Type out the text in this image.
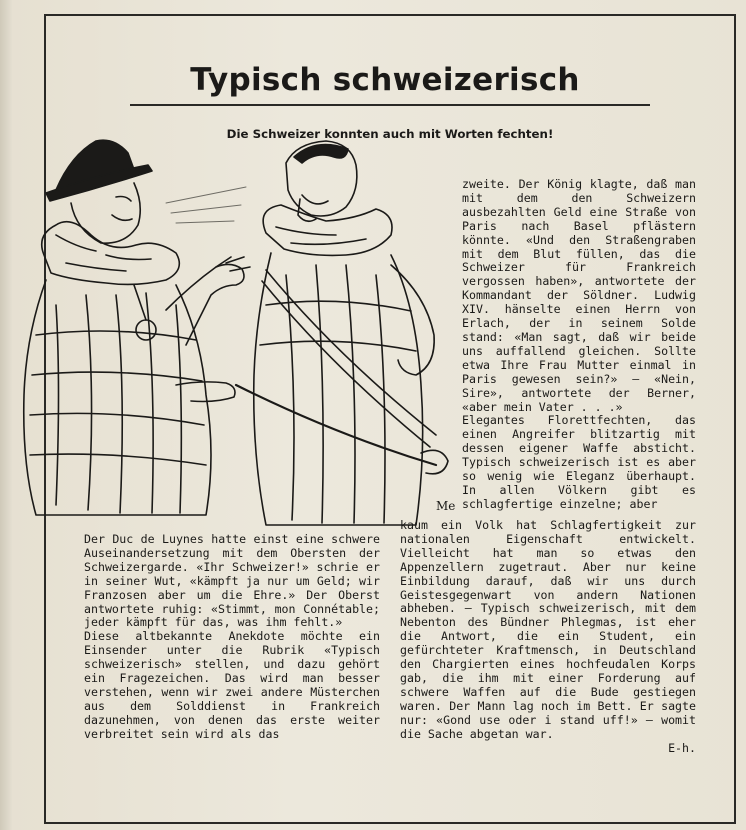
Typisch schweizerisch

Die Schweizer konnten auch mit Worten fechten!

Me

zweite. Der König klagte, daß man mit dem den Schweizern ausbezahlten Geld eine Straße von Paris nach Basel pflästern könnte. «Und den Straßengraben mit dem Blut füllen, das die Schweizer für Frankreich vergossen haben», antwortete der Kommandant der Söldner. Ludwig XIV. hänselte einen Herrn von Erlach, der in seinem Solde stand: «Man sagt, daß wir beide uns auffallend gleichen. Sollte etwa Ihre Frau Mutter einmal in Paris gewesen sein?» — «Nein, Sire», antwortete der Berner, «aber mein Vater . . .»

Elegantes Florettfechten, das einen Angreifer blitzartig mit dessen eigener Waffe absticht. Typisch schweizerisch ist es aber so wenig wie Eleganz überhaupt. In allen Völkern gibt es schlagfertige einzelne; aber

Der Duc de Luynes hatte einst eine schwere Auseinandersetzung mit dem Obersten der Schweizergarde. «Ihr Schweizer!» schrie er in seiner Wut, «kämpft ja nur um Geld; wir Franzosen aber um die Ehre.» Der Oberst antwortete ruhig: «Stimmt, mon Connétable; jeder kämpft für das, was ihm fehlt.»

Diese altbekannte Anekdote möchte ein Einsender unter die Rubrik «Typisch schweizerisch» stellen, und dazu gehört ein Fragezeichen. Das wird man besser verstehen, wenn wir zwei andere Müsterchen aus dem Solddienst in Frankreich dazunehmen, von denen das erste weiter verbreitet sein wird als das

kaum ein Volk hat Schlagfertigkeit zur nationalen Eigenschaft entwickelt. Vielleicht hat man so etwas den Appenzellern zugetraut. Aber nur keine Einbildung darauf, daß wir uns durch Geistesgegenwart von andern Nationen abheben. — Typisch schweizerisch, mit dem Nebenton des Bündner Phlegmas, ist eher die Antwort, die ein Student, ein gefürchteter Kraftmensch, in Deutschland den Chargierten eines hochfeudalen Korps gab, die ihm mit einer Forderung auf schwere Waffen auf die Bude gestiegen waren. Der Mann lag noch im Bett. Er sagte nur: «Gond use oder i stand uff!» — womit die Sache abgetan war.

E-h.
